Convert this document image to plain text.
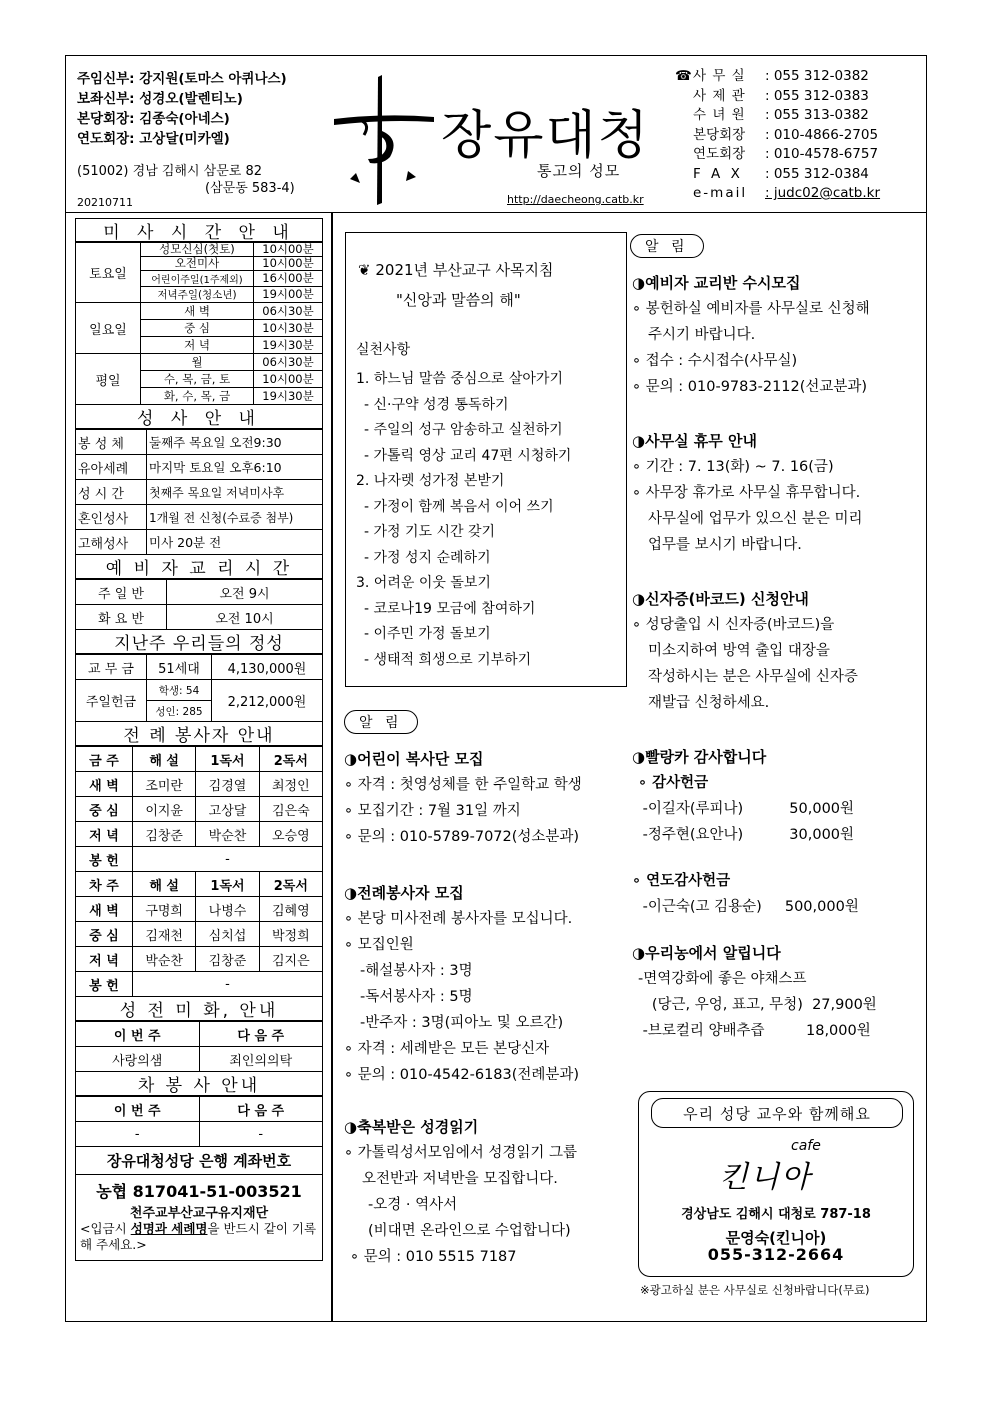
주임신부: 강지원(토마스 아퀴나스)
보좌신부: 성경오(발렌티노)
본당회장: 김종숙(아네스)
연도회장: 고상달(미카엘)
(51002) 경남 김해시 삼문로 82
(삼문동 583-4)
20210711
장유대청
통고의 성모
http://daecheong.catb.kr
☎ 사 무 실	: 055 312-0382
사 제 관	: 055 312-0383
수 녀 원	: 055 313-0382
본당회장	: 010-4866-2705
연도회장	: 010-4578-6757
F A X	: 055 312-0384
e-mail	: judc02@catb.kr
미 사 시 간 안 내
토요일	성모신심(첫토)	10시00분
	오전미사	10시00분
	어린이주일(1주제외)	16시00분
	저녁주일(청소년)	19시00분
일요일	새 벽	06시30분
	중 심	10시30분
	저 녁	19시30분
평일	월	06시30분
	수, 목, 금, 토	10시00분
	화, 수, 목, 금	19시30분
성 사 안 내
봉 성 체	둘째주 목요일 오전9:30
유아세례	마지막 토요일 오후6:10
성 시 간	첫째주 목요일 저녁미사후
혼인성사	1개월 전 신청(수료증 첨부)
고해성사	미사 20분 전
예 비 자 교 리 시 간
주 일 반	오전 9시
화 요 반	오전 10시
지난주 우리들의 정성
교 무 금	51세대	4,130,000원
주일헌금	학생: 54	2,212,000원
	성인: 285	
전 례 봉사자 안내
금 주	해 설	1독서	2독서
새 벽	조미란	김경열	최정인
중 심	이지윤	고상달	김은숙
저 녁	김창준	박순찬	오승영
봉 헌	-		
차 주	해 설	1독서	2독서
새 벽	구명희	나병수	김혜영
중 심	김재천	심치섭	박정희
저 녁	박순찬	김창준	김지은
봉 헌	-		
성 전 미 화, 안내
이 번 주	다 음 주
사랑의샘	죄인의의탁
차 봉 사 안내
이 번 주	다 음 주
-	-
장유대청성당 은행 계좌번호
농협 817041-51-003521
천주교부산교구유지재단
<입금시 성명과 세례명을 반드시 같이 기록해 주세요.>
❦ 2021년 부산교구 사목지침
"신앙과 말씀의 해"
실천사항
1. 하느님 말씀 중심으로 살아가기
- 신·구약 성경 통독하기
- 주일의 성구 암송하고 실천하기
- 가톨릭 영상 교리 47편 시청하기
2. 나자렛 성가정 본받기
- 가정이 함께 복음서 이어 쓰기
- 가정 기도 시간 갖기
- 가정 성지 순례하기
3. 어려운 이웃 돌보기
- 코로나19 모금에 참여하기
- 이주민 가정 돌보기
- 생태적 희생으로 기부하기
알 림
◑어린이 복사단 모집
∘ 자격 : 첫영성체를 한 주일학교 학생
∘ 모집기간 : 7월 31일 까지
∘ 문의 : 010-5789-7072(성소분과)
◑전례봉사자 모집
∘ 본당 미사전례 봉사자를 모십니다.
∘ 모집인원
-해설봉사자 : 3명
-독서봉사자 : 5명
-반주자 : 3명(피아노 및 오르간)
∘ 자격 : 세례받은 모든 본당신자
∘ 문의 : 010-4542-6183(전례분과)
◑축복받은 성경읽기
∘ 가톨릭성서모임에서 성경읽기 그룹
오전반과 저녁반을 모집합니다.
-오경 · 역사서
(비대면 온라인으로 수업합니다)
∘ 문의 : 010 5515 7187
알 림
◑예비자 교리반 수시모집
∘ 봉헌하실 예비자를 사무실로 신청해
주시기 바랍니다.
∘ 접수 : 수시접수(사무실)
∘ 문의 : 010-9783-2112(선교분과)
◑사무실 휴무 안내
∘ 기간 : 7. 13(화) ~ 7. 16(금)
∘ 사무장 휴가로 사무실 휴무합니다.
사무실에 업무가 있으신 분은 미리
업무를 보시기 바랍니다.
◑신자증(바코드) 신청안내
∘ 성당출입 시 신자증(바코드)을
미소지하여 방역 출입 대장을
작성하시는 분은 사무실에 신자증
재발급 신청하세요.
◑빨랑카 감사합니다
∘ 감사헌금
-이길자(루피나)          50,000원
-정주현(요안나)          30,000원
∘ 연도감사헌금
-이근숙(고 김용순)     500,000원
◑우리농에서 알립니다
-면역강화에 좋은 야채스프
(당근, 우엉, 표고, 무청)  27,900원
-브로컬리 양배추즙         18,000원
우리 성당 교우와 함께해요
cafe
킨니아
경상남도 김해시 대청로 787-18
문영숙(킨니아)
055-312-2664
※광고하실 분은 사무실로 신청바랍니다(무료)
